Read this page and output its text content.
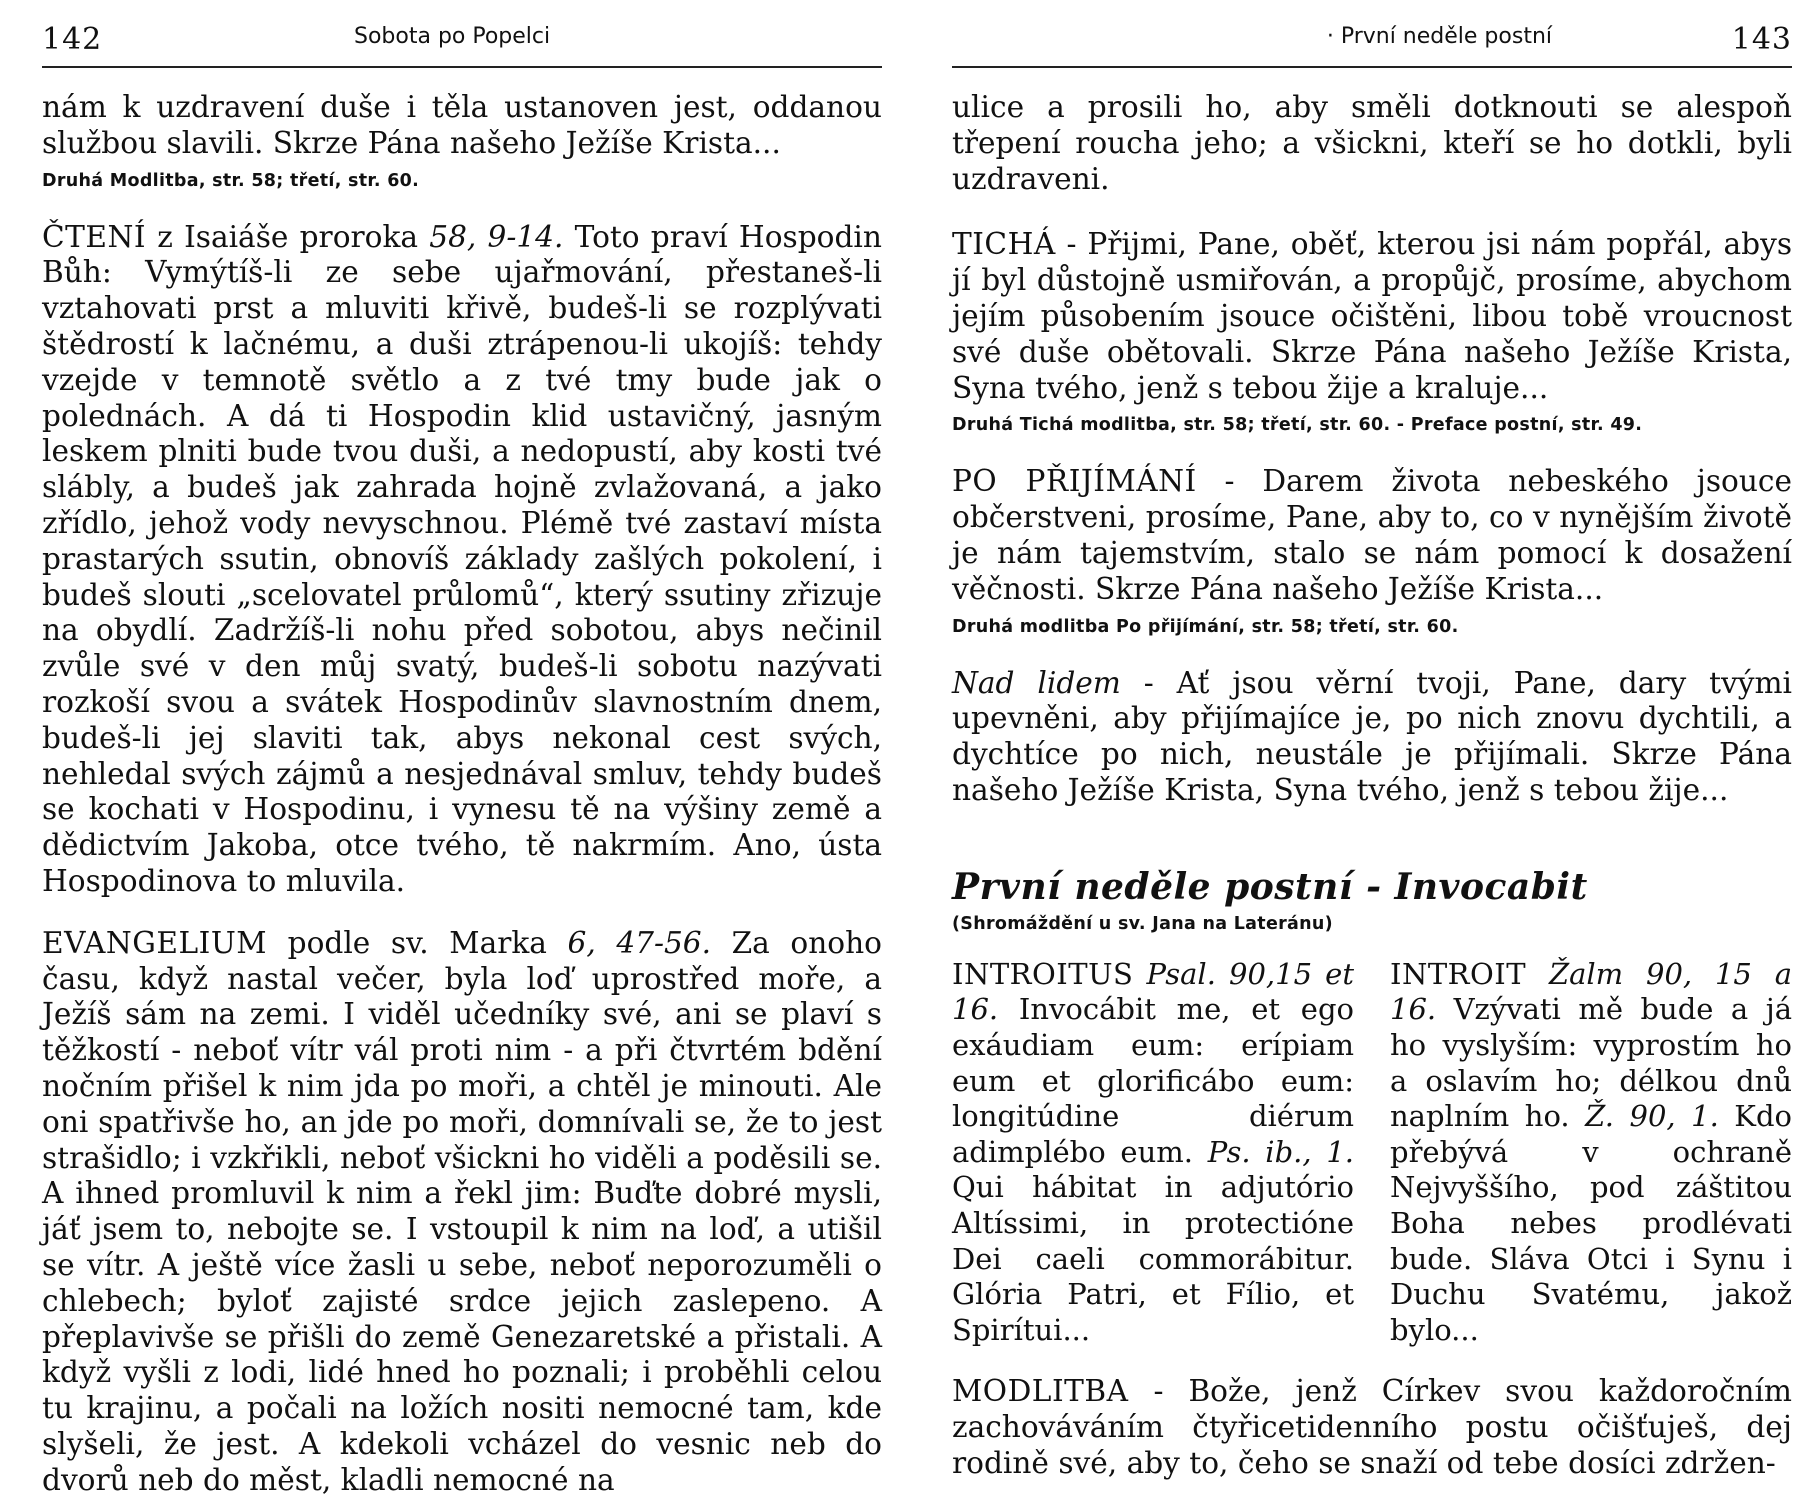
142	Sobota po Popelci

nám k uzdravení duše i těla ustanoven jest, oddanou službou slavili. Skrze Pána našeho Ježíše Krista...

Druhá Modlitba, str. 58; třetí, str. 60.

ČTENÍ z Isaiáše proroka 58, 9-14. Toto praví Hospodin Bůh: Vymýtíš-li ze sebe ujařmování, přestaneš-li vztahovati prst a mluviti křivě, budeš-li se rozplývati štědrostí k lačnému, a duši ztrápenou-li ukojíš: tehdy vzejde v temnotě světlo a z tvé tmy bude jak o polednách. A dá ti Hospodin klid ustavičný, jasným leskem plniti bude tvou duši, a nedopustí, aby kosti tvé slábly, a budeš jak zahrada hojně zvlažovaná, a jako zřídlo, jehož vody nevyschnou. Plémě tvé zastaví místa prastarých ssutin, obnovíš základy zašlých pokolení, i budeš slouti „scelovatel průlomů“, který ssutiny zřizuje na obydlí. Zadržíš-li nohu před sobotou, abys nečinil zvůle své v den můj svatý, budeš-li sobotu nazývati rozkoší svou a svátek Hospodinův slavnostním dnem, budeš-li jej slaviti tak, abys nekonal cest svých, nehledal svých zájmů a nesjednával smluv, tehdy budeš se kochati v Hospodinu, i vynesu tě na výšiny země a dědictvím Jakoba, otce tvého, tě nakrmím. Ano, ústa Hospodinova to mluvila.

EVANGELIUM podle sv. Marka 6, 47-56. Za onoho času, když nastal večer, byla loď uprostřed moře, a Ježíš sám na zemi. I viděl učedníky své, ani se plaví s těžkostí - neboť vítr vál proti nim - a při čtvrtém bdění nočním přišel k nim jda po moři, a chtěl je minouti. Ale oni spatřivše ho, an jde po moři, domnívali se, že to jest strašidlo; i vzkřikli, neboť všickni ho viděli a poděsili se. A ihned promluvil k nim a řekl jim: Buďte dobré mysli, jáť jsem to, nebojte se. I vstoupil k nim na loď, a utišil se vítr. A ještě více žasli u sebe, neboť neporozuměli o chlebech; byloť zajisté srdce jejich zaslepeno. A přeplavivše se přišli do země Genezaretské a přistali. A když vyšli z lodi, lidé hned ho poznali; i proběhli celou tu krajinu, a počali na ložích nositi nemocné tam, kde slyšeli, že jest. A kdekoli vcházel do vesnic neb do dvorů neb do měst, kladli nemocné na

· První neděle postní	143

ulice a prosili ho, aby směli dotknouti se alespoň třepení roucha jeho; a všickni, kteří se ho dotkli, byli uzdraveni.

TICHÁ - Přijmi, Pane, oběť, kterou jsi nám popřál, abys jí byl důstojně usmiřován, a propůjč, prosíme, abychom jejím působením jsouce očištěni, libou tobě vroucnost své duše obětovali. Skrze Pána našeho Ježíše Krista, Syna tvého, jenž s tebou žije a kraluje...

Druhá Tichá modlitba, str. 58; třetí, str. 60. - Preface postní, str. 49.

PO PŘIJÍMÁNÍ - Darem života nebeského jsouce občerstveni, prosíme, Pane, aby to, co v nynějším životě je nám tajemstvím, stalo se nám pomocí k dosažení věčnosti. Skrze Pána našeho Ježíše Krista...

Druhá modlitba Po přijímání, str. 58; třetí, str. 60.

Nad lidem - Ať jsou věrní tvoji, Pane, dary tvými upevněni, aby přijímajíce je, po nich znovu dychtili, a dychtíce po nich, neustále je přijímali. Skrze Pána našeho Ježíše Krista, Syna tvého, jenž s tebou žije...

První neděle postní - Invocabit

(Shromáždění u sv. Jana na Lateránu)

INTROITUS Psal. 90,15 et 16. Invocábit me, et ego exáudiam eum: erípiam eum et glorificábo eum: longitúdine diérum adimplébo eum. Ps. ib., 1. Qui hábitat in adjutório Altíssimi, in protectióne Dei caeli commorábitur. Glória Patri, et Fílio, et Spirítui...

INTROIT Žalm 90, 15 a 16. Vzývati mě bude a já ho vyslyším: vyprostím ho a oslavím ho; délkou dnů naplním ho. Ž. 90, 1. Kdo přebývá v ochraně Nejvyššího, pod záštitou Boha nebes prodlévati bude. Sláva Otci i Synu i Duchu Svatému, jakož bylo...

MODLITBA - Bože, jenž Církev svou každoročním zachováváním čtyřicetidenního postu očišťuješ, dej rodině své, aby to, čeho se snaží od tebe dosíci zdržen-
